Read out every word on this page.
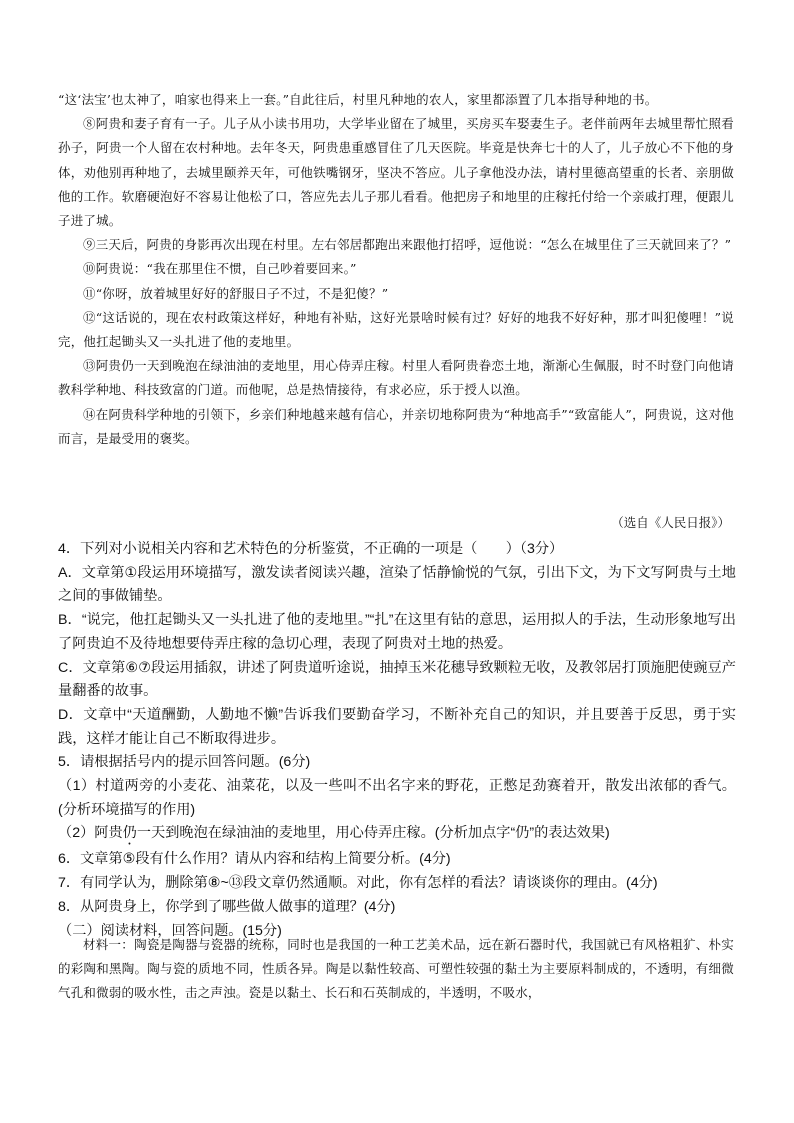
“这‘法宝’也太神了，咱家也得来上一套。”自此往后，村里凡种地的农人，家里都添置了几本指导种地的书。

⑧阿贵和妻子育有一子。儿子从小读书用功，大学毕业留在了城里，买房买车娶妻生子。老伴前两年去城里帮忙照看孙子，阿贵一个人留在农村种地。去年冬天，阿贵患重感冒住了几天医院。毕竟是快奔七十的人了，儿子放心不下他的身体，劝他别再种地了，去城里颐养天年，可他铁嘴钢牙，坚决不答应。儿子拿他没办法，请村里德高望重的长者、亲朋做他的工作。软磨硬泡好不容易让他松了口，答应先去儿子那儿看看。他把房子和地里的庄稼托付给一个亲戚打理，便跟儿子进了城。

⑨三天后，阿贵的身影再次出现在村里。左右邻居都跑出来跟他打招呼，逗他说：“怎么在城里住了三天就回来了？”

⑩阿贵说：“我在那里住不惯，自己吵着要回来。”

⑪“你呀，放着城里好好的舒服日子不过，不是犯傻？”

⑫“这话说的，现在农村政策这样好，种地有补贴，这好光景啥时候有过？好好的地我不好好种，那才叫犯傻哩！”说完，他扛起锄头又一头扎进了他的麦地里。

⑬阿贵仍一天到晚泡在绿油油的麦地里，用心侍弄庄稼。村里人看阿贵眷恋土地，渐渐心生佩服，时不时登门向他请教科学种地、科技致富的门道。而他呢，总是热情接待，有求必应，乐于授人以渔。

⑭在阿贵科学种地的引领下，乡亲们种地越来越有信心，并亲切地称阿贵为“种地高手”“致富能人”，阿贵说，这对他而言，是最受用的褒奖。

（选自《人民日报》）

4．下列对小说相关内容和艺术特色的分析鉴赏，不正确的一项是（　　）（3分）

A．文章第①段运用环境描写，激发读者阅读兴趣，渲染了恬静愉悦的气氛，引出下文，为下文写阿贵与土地之间的事做铺垫。

B．“说完，他扛起锄头又一头扎进了他的麦地里。”“扎”在这里有钻的意思，运用拟人的手法，生动形象地写出了阿贵迫不及待地想要侍弄庄稼的急切心理，表现了阿贵对土地的热爱。

C．文章第⑥⑦段运用插叙，讲述了阿贵道听途说，抽掉玉米花穗导致颗粒无收，及教邻居打顶施肥使豌豆产量翻番的故事。

D．文章中“天道酬勤，人勤地不懒”告诉我们要勤奋学习，不断补充自己的知识，并且要善于反思，勇于实践，这样才能让自己不断取得进步。

5．请根据括号内的提示回答问题。(6分)

（1）村道两旁的小麦花、油菜花，以及一些叫不出名字来的野花，正憋足劲赛着开，散发出浓郁的香气。(分析环境描写的作用)

（2）阿贵仍一天到晚泡在绿油油的麦地里，用心侍弄庄稼。(分析加点字“仍”的表达效果)

6．文章第⑤段有什么作用？请从内容和结构上简要分析。(4分)

7．有同学认为，删除第⑧~⑬段文章仍然通顺。对此，你有怎样的看法？请谈谈你的理由。(4分)

8．从阿贵身上，你学到了哪些做人做事的道理？(4分)

（二）阅读材料，回答问题。(15分)

材料一：陶瓷是陶器与瓷器的统称，同时也是我国的一种工艺美术品，远在新石器时代，我国就已有风格粗犷、朴实的彩陶和黑陶。陶与瓷的质地不同，性质各异。陶是以黏性较高、可塑性较强的黏土为主要原料制成的，不透明，有细微气孔和微弱的吸水性，击之声浊。瓷是以黏土、长石和石英制成的，半透明，不吸水，
